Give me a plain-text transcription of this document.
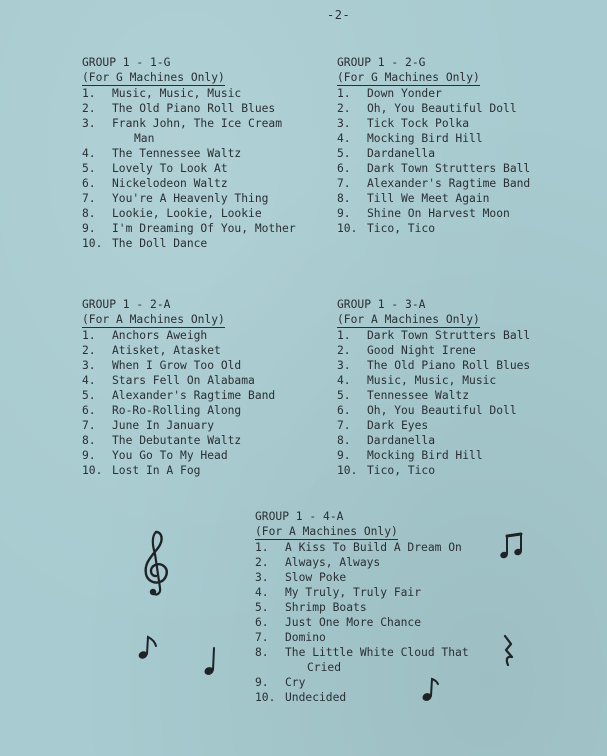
-2-
GROUP 1 - 1-G
(For G Machines Only)
1.	Music, Music, Music
2.	The Old Piano Roll Blues
3.	Frank John, The Ice Cream Man
4.	The Tennessee Waltz
5.	Lovely To Look At
6.	Nickelodeon Waltz
7.	You're A Heavenly Thing
8.	Lookie, Lookie, Lookie
9.	I'm Dreaming Of You, Mother
10. The Doll Dance
GROUP 1 - 2-G
(For G Machines Only)
1.	Down Yonder
2.	Oh, You Beautiful Doll
3.	Tick Tock Polka
4.	Mocking Bird Hill
5.	Dardanella
6.	Dark Town Strutters Ball
7.	Alexander's Ragtime Band
8.	Till We Meet Again
9.	Shine On Harvest Moon
10. Tico, Tico
GROUP 1 - 2-A
(For A Machines Only)
1.	Anchors Aweigh
2.	Atisket, Atasket
3.	When I Grow Too Old
4.	Stars Fell On Alabama
5.	Alexander's Ragtime Band
6.	Ro-Ro-Rolling Along
7.	June In January
8.	The Debutante Waltz
9.	You Go To My Head
10. Lost In A Fog
GROUP 1 - 3-A
(For A Machines Only)
1.	Dark Town Strutters Ball
2.	Good Night Irene
3.	The Old Piano Roll Blues
4.	Music, Music, Music
5.	Tennessee Waltz
6.	Oh, You Beautiful Doll
7.	Dark Eyes
8.	Dardanella
9.	Mocking Bird Hill
10. Tico, Tico
GROUP 1 - 4-A
(For A Machines Only)
1.	A Kiss To Build A Dream On
2.	Always, Always
3.	Slow Poke
4.	My Truly, Truly Fair
5.	Shrimp Boats
6.	Just One More Chance
7.	Domino
8.	The Little White Cloud That Cried
9.	Cry
10. Undecided
